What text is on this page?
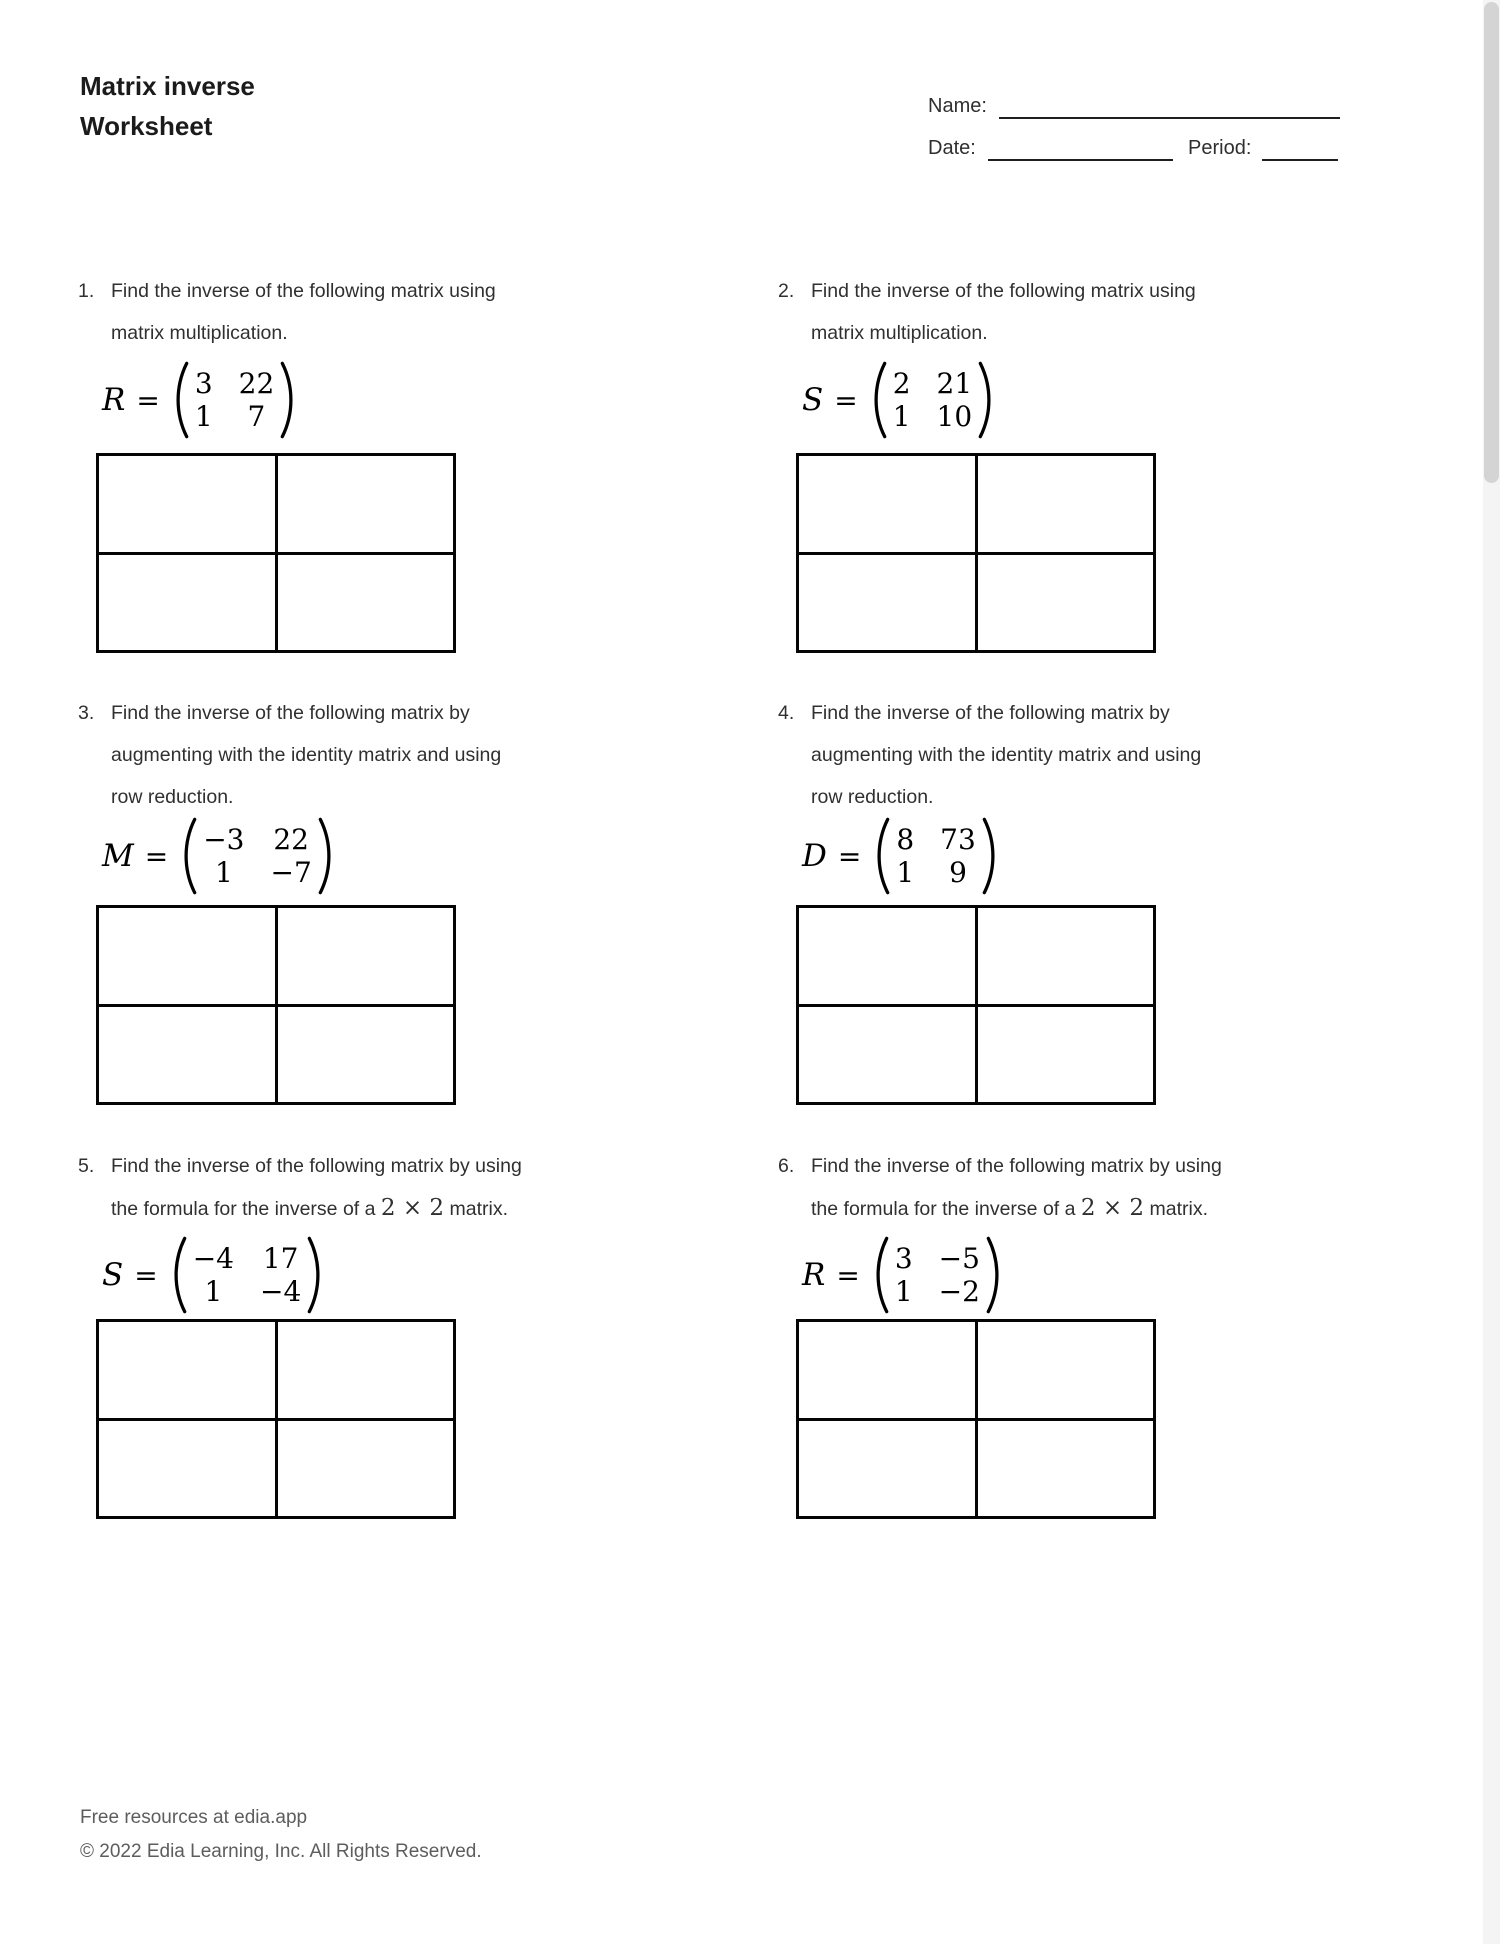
Matrix inverse
Worksheet
Name:
Date:	Period:
1. Find the inverse of the following matrix using
matrix multiplication.
R = 3 22
1 7
2. Find the inverse of the following matrix using
matrix multiplication.
S = 2 21
1 10
3. Find the inverse of the following matrix by
augmenting with the identity matrix and using
row reduction.
M = −3 22
1 −7
4. Find the inverse of the following matrix by
augmenting with the identity matrix and using
row reduction.
D = 8 73
1 9
5. Find the inverse of the following matrix by using
the formula for the inverse of a 2 × 2 matrix.
S = −4 17
1 −4
6. Find the inverse of the following matrix by using
the formula for the inverse of a 2 × 2 matrix.
R = 3 −5
1 −2
Free resources at edia.app
© 2022 Edia Learning, Inc. All Rights Reserved.
